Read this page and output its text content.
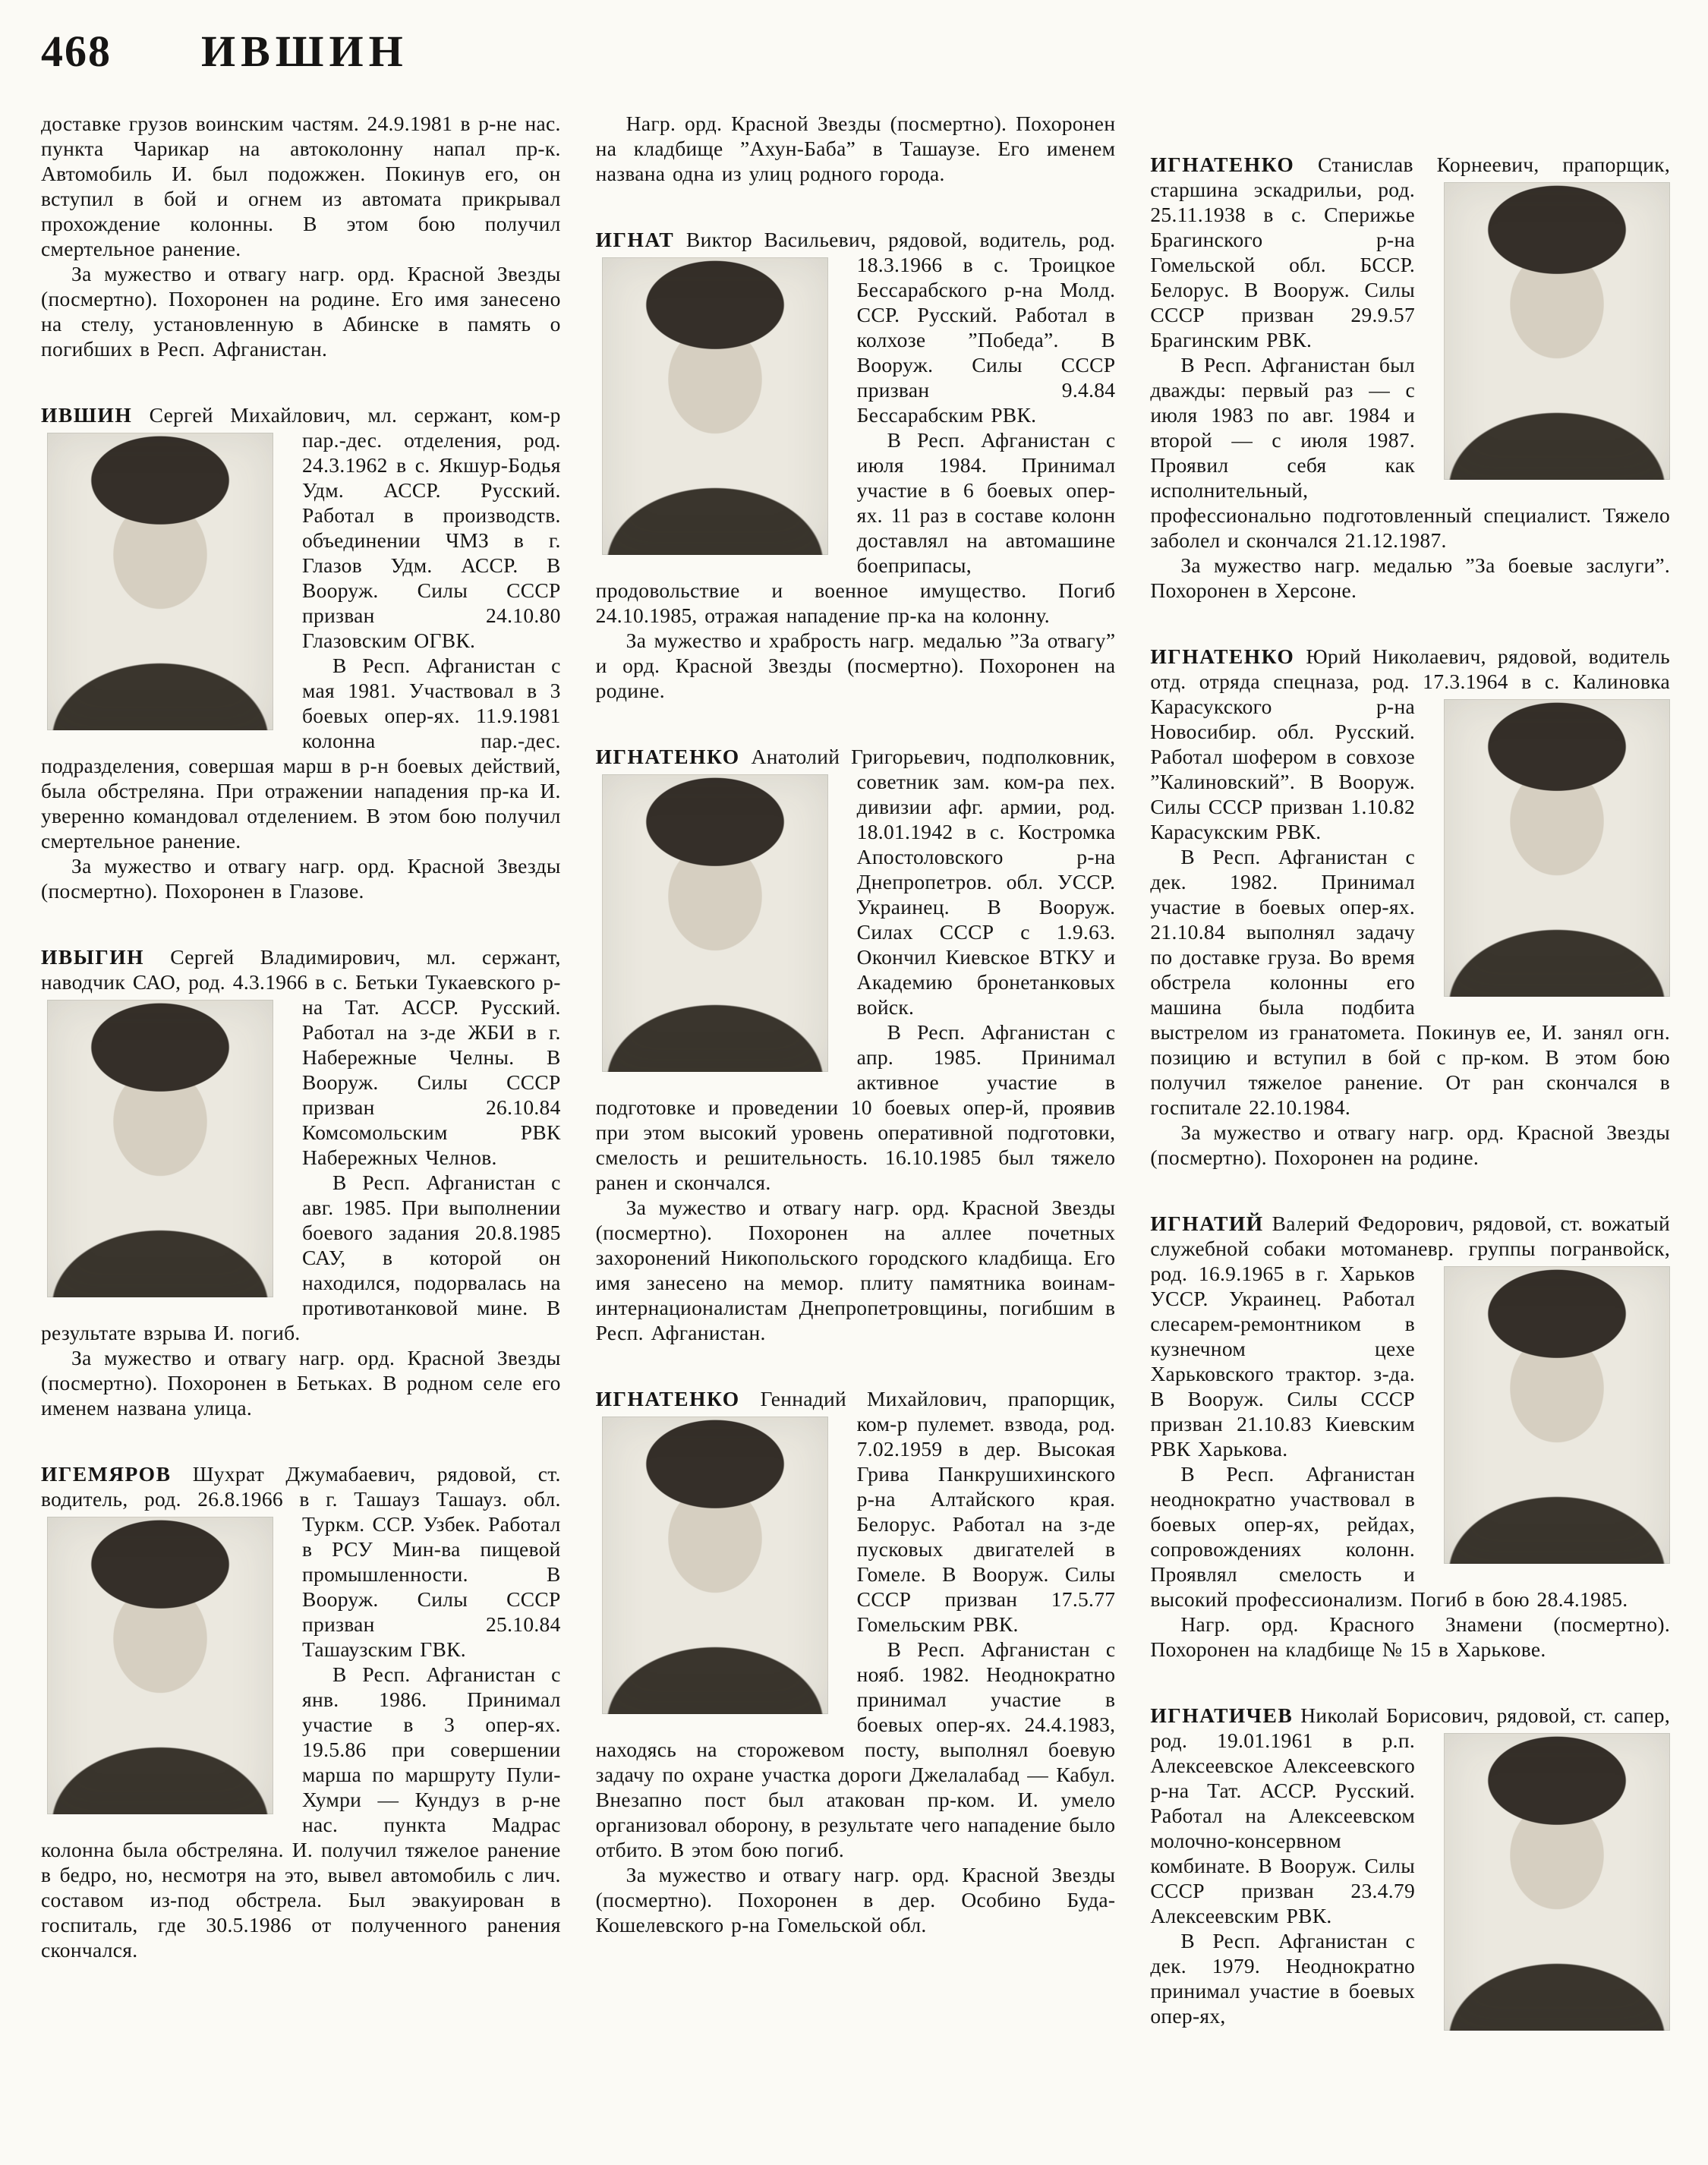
468 ИВШИН

доставке грузов воинским частям. 24.9.1981 в р-не нас. пункта Чарикар на автоколонну напал пр-к. Автомобиль И. был подожжен. Покинув его, он вступил в бой и огнем из автомата прикрывал прохождение колонны. В этом бою получил смертельное ранение.

За мужество и отвагу нагр. орд. Красной Звезды (посмертно). Похоронен на родине. Его имя занесено на стелу, установленную в Абинске в память о погибших в Респ. Афганистан.

ИВШИН Сергей Михайлович, мл. сержант, ком-р пар.-дес. отделения, род.
24.3.1962 в с. Якшур-Бодья Удм. АССР. Русский. Работал в производств. объединении ЧМЗ в г. Глазов Удм. АССР. В Вооруж. Силы СССР призван 24.10.80 Глазовским ОГВК.

В Респ. Афганистан с мая 1981. Участвовал в 3 боевых опер-ях. 11.9.1981 колонна пар.-дес. подразделения, совершая марш в р-н боевых действий, была обстреляна. При отражении нападения пр-ка И. уверенно командовал отделением. В этом бою получил смертельное ранение.

За мужество и отвагу нагр. орд. Красной Звезды (посмертно). Похоронен в Глазове.

ИВЫГИН Сергей Владимирович, мл. сержант, наводчик САО, род. 4.3.1966 в с.
Бетьки Тукаевского р-на Тат. АССР. Русский. Работал на з-де ЖБИ в г. Набережные Челны. В Вооруж. Силы СССР призван 26.10.84 Комсомольским РВК Набережных Челнов.

В Респ. Афганистан с авг. 1985. При выполнении боевого задания 20.8.1985 САУ, в которой он находился, подорвалась на противотанковой мине. В результате взрыва И. погиб.

За мужество и отвагу нагр. орд. Красной Звезды (посмертно). Похоронен в Бетьках. В родном селе его именем названа улица.

ИГЕМЯРОВ Шухрат Джумабаевич, рядовой, ст. водитель, род. 26.8.1966 в г.
Ташауз Ташауз. обл. Туркм. ССР. Узбек. Работал в РСУ Мин-ва пищевой промышленности. В Вооруж. Силы СССР призван 25.10.84 Ташаузским ГВК.

В Респ. Афганистан с янв. 1986. Принимал участие в 3 опер-ях. 19.5.86 при совершении марша по маршруту Пули-Хумри — Кундуз в р-не нас. пункта Мадрас колонна была обстреляна. И. получил тяжелое ранение в бедро, но, несмотря на это, вывел автомобиль с лич. составом из-под обстрела. Был эвакуирован в госпиталь, где 30.5.1986 от полученного ранения скончался.

Нагр. орд. Красной Звезды (посмертно). Похоронен на кладбище ”Ахун-Баба” в Ташаузе. Его именем названа одна из улиц родного города.

ИГНАТ Виктор Васильевич, рядовой, водитель, род. 18.3.1966 в с. Троицкое
Бессарабского р-на Молд. ССР. Русский. Работал в колхозе ”Победа”. В Вооруж. Силы СССР призван 9.4.84 Бессарабским РВК.

В Респ. Афганистан с июля 1984. Принимал участие в 6 боевых опер-ях. 11 раз в составе колонн доставлял на автомашине боеприпасы, продовольствие и военное имущество. Погиб 24.10.1985, отражая нападение пр-ка на колонну.

За мужество и храбрость нагр. медалью ”За отвагу” и орд. Красной Звезды (посмертно). Похоронен на родине.

ИГНАТЕНКО Анатолий Григорьевич, подполковник, советник зам. ком-ра пех.
дивизии афг. армии, род. 18.01.1942 в с. Костромка Апостоловского р-на Днепропетров. обл. УССР. Украинец. В Вооруж. Силах СССР с 1.9.63. Окончил Киевское ВТКУ и Академию бронетанковых войск.

В Респ. Афганистан с апр. 1985. Принимал активное участие в подготовке и проведении 10 боевых опер-й, проявив при этом высокий уровень оперативной подготовки, смелость и решительность. 16.10.1985 был тяжело ранен и скончался.

За мужество и отвагу нагр. орд. Красной Звезды (посмертно). Похоронен на аллее почетных захоронений Никопольского городского кладбища. Его имя занесено на мемор. плиту памятника воинам-интернационалистам Днепропетровщины, погибшим в Респ. Афганистан.

ИГНАТЕНКО Геннадий Михайлович, прапорщик, ком-р пулемет. взвода, род.
7.02.1959 в дер. Высокая Грива Панкрушихинского р-на Алтайского края. Белорус. Работал на з-де пусковых двигателей в Гомеле. В Вооруж. Силы СССР призван 17.5.77 Гомельским РВК.

В Респ. Афганистан с нояб. 1982. Неоднократно принимал участие в боевых опер-ях. 24.4.1983, находясь на сторожевом посту, выполнял боевую задачу по охране участка дороги Джелалабад — Кабул. Внезапно пост был атакован пр-ком. И. умело организовал оборону, в результате чего нападение было отбито. В этом бою погиб.

За мужество и отвагу нагр. орд. Красной Звезды (посмертно). Похоронен в дер. Особино Буда-Кошелевского р-на Гомельской обл.

ИГНАТЕНКО Станислав Корнеевич, прапорщик, старшина эскадрильи, род.
25.11.1938 в с. Сперижье Брагинского р-на Гомельской обл. БССР. Белорус. В Вооруж. Силы СССР призван 29.9.57 Брагинским РВК.

В Респ. Афганистан был дважды: первый раз — с июля 1983 по авг. 1984 и второй — с июля 1987. Проявил себя как исполнительный, профессионально подготовленный специалист. Тяжело заболел и скончался 21.12.1987.

За мужество нагр. медалью ”За боевые заслуги”. Похоронен в Херсоне.

ИГНАТЕНКО Юрий Николаевич, рядовой, водитель отд. отряда спецназа, род. 17.3.1964
в с. Калиновка Карасукского р-на Новосибир. обл. Русский. Работал шофером в совхозе ”Калиновский”. В Вооруж. Силы СССР призван 1.10.82 Карасукским РВК.

В Респ. Афганистан с дек. 1982. Принимал участие в боевых опер-ях. 21.10.84 выполнял задачу по доставке груза. Во время обстрела колонны его машина была подбита выстрелом из гранатомета. Покинув ее, И. занял огн. позицию и вступил в бой с пр-ком. В этом бою получил тяжелое ранение. От ран скончался в госпитале 22.10.1984.

За мужество и отвагу нагр. орд. Красной Звезды (посмертно). Похоронен на родине.

ИГНАТИЙ Валерий Федорович, рядовой, ст. вожатый служебной собаки мотоманевр.
группы погранвойск, род. 16.9.1965 в г. Харьков УССР. Украинец. Работал слесарем-ремонтником в кузнечном цехе Харьковского трактор. з-да. В Вооруж. Силы СССР призван 21.10.83 Киевским РВК Харькова.

В Респ. Афганистан неоднократно участвовал в боевых опер-ях, рейдах, сопровождениях колонн. Проявлял смелость и высокий профессионализм. Погиб в бою 28.4.1985.

Нагр. орд. Красного Знамени (посмертно). Похоронен на кладбище № 15 в Харькове.

ИГНАТИЧЕВ Николай Борисович, рядовой, ст. сапер, род.
19.01.1961 в р.п. Алексеевское Алексеевского р-на Тат. АССР. Русский. Работал на Алексеевском молочно-консервном комбинате. В Вооруж. Силы СССР призван 23.4.79 Алексеевским РВК.

В Респ. Афганистан с дек. 1979. Неоднократно принимал участие в боевых опер-ях,
